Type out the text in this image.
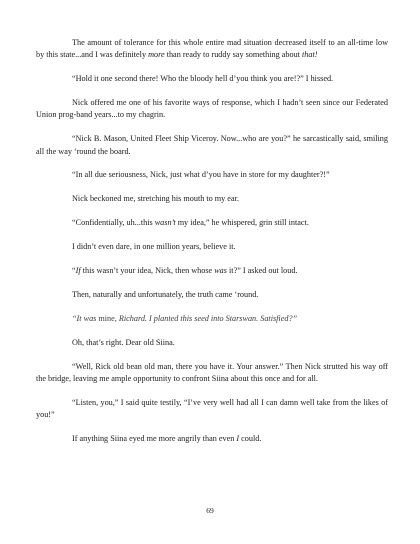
The amount of tolerance for this whole entire mad situation decreased itself to an all-time low by this state...and I was definitely more than ready to ruddy say something about that!

“Hold it one second there! Who the bloody hell d’you think you are!?” I hissed.

Nick offered me one of his favorite ways of response, which I hadn’t seen since our Federated Union prog-band years...to my chagrin.

“Nick B. Mason, United Fleet Ship Viceroy. Now...who are you?” he sarcastically said, smiling all the way ‘round the board.

“In all due seriousness, Nick, just what d’you have in store for my daughter?!”

Nick beckoned me, stretching his mouth to my ear.

“Confidentially, uh...this wasn’t my idea,” he whispered, grin still intact.

I didn’t even dare, in one million years, believe it.

“If this wasn’t your idea, Nick, then whose was it?” I asked out loud.

Then, naturally and unfortunately, the truth came ‘round.

“It was mine, Richard. I planted this seed into Starswan. Satisfied?”

Oh, that’s right. Dear old Siina.

“Well, Rick old bean old man, there you have it. Your answer.” Then Nick strutted his way off the bridge, leaving me ample opportunity to confront Siina about this once and for all.

“Listen, you,” I said quite testily, “I’ve very well had all I can damn well take from the likes of you!”

If anything Siina eyed me more angrily than even I could.

69
